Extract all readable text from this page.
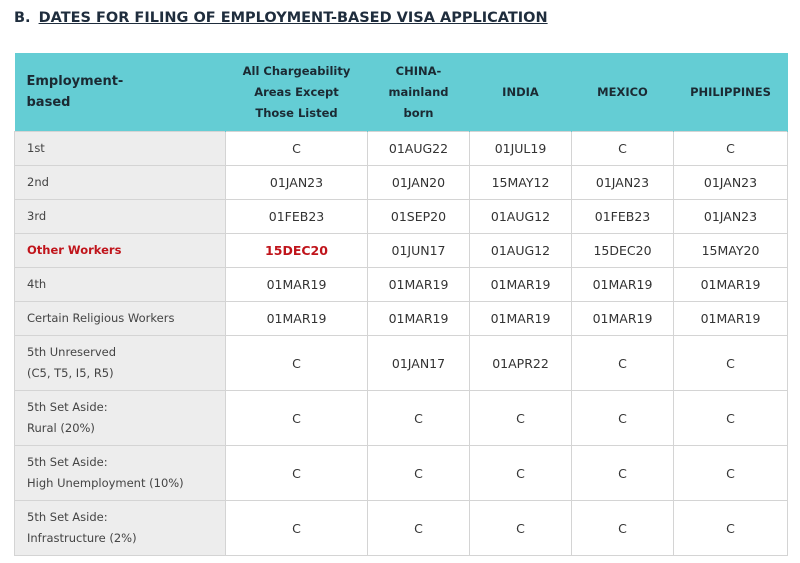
B. DATES FOR FILING OF EMPLOYMENT-BASED VISA APPLICATION
Employment-
based	All Chargeability
Areas Except
Those Listed	CHINA-
mainland
born	INDIA	MEXICO	PHILIPPINES

1st	C	01AUG22	01JUL19	C	C

2nd	01JAN23	01JAN20	15MAY12	01JAN23	01JAN23

3rd	01FEB23	01SEP20	01AUG12	01FEB23	01JAN23

Other Workers	15DEC20	01JUN17	01AUG12	15DEC20	15MAY20

4th	01MAR19	01MAR19	01MAR19	01MAR19	01MAR19

Certain Religious Workers	01MAR19	01MAR19	01MAR19	01MAR19	01MAR19

5th Unreserved
(C5, T5, I5, R5)	C	01JAN17	01APR22	C	C

5th Set Aside:
Rural (20%)	C	C	C	C	C

5th Set Aside:
High Unemployment (10%)	C	C	C	C	C

5th Set Aside:
Infrastructure (2%)	C	C	C	C	C
